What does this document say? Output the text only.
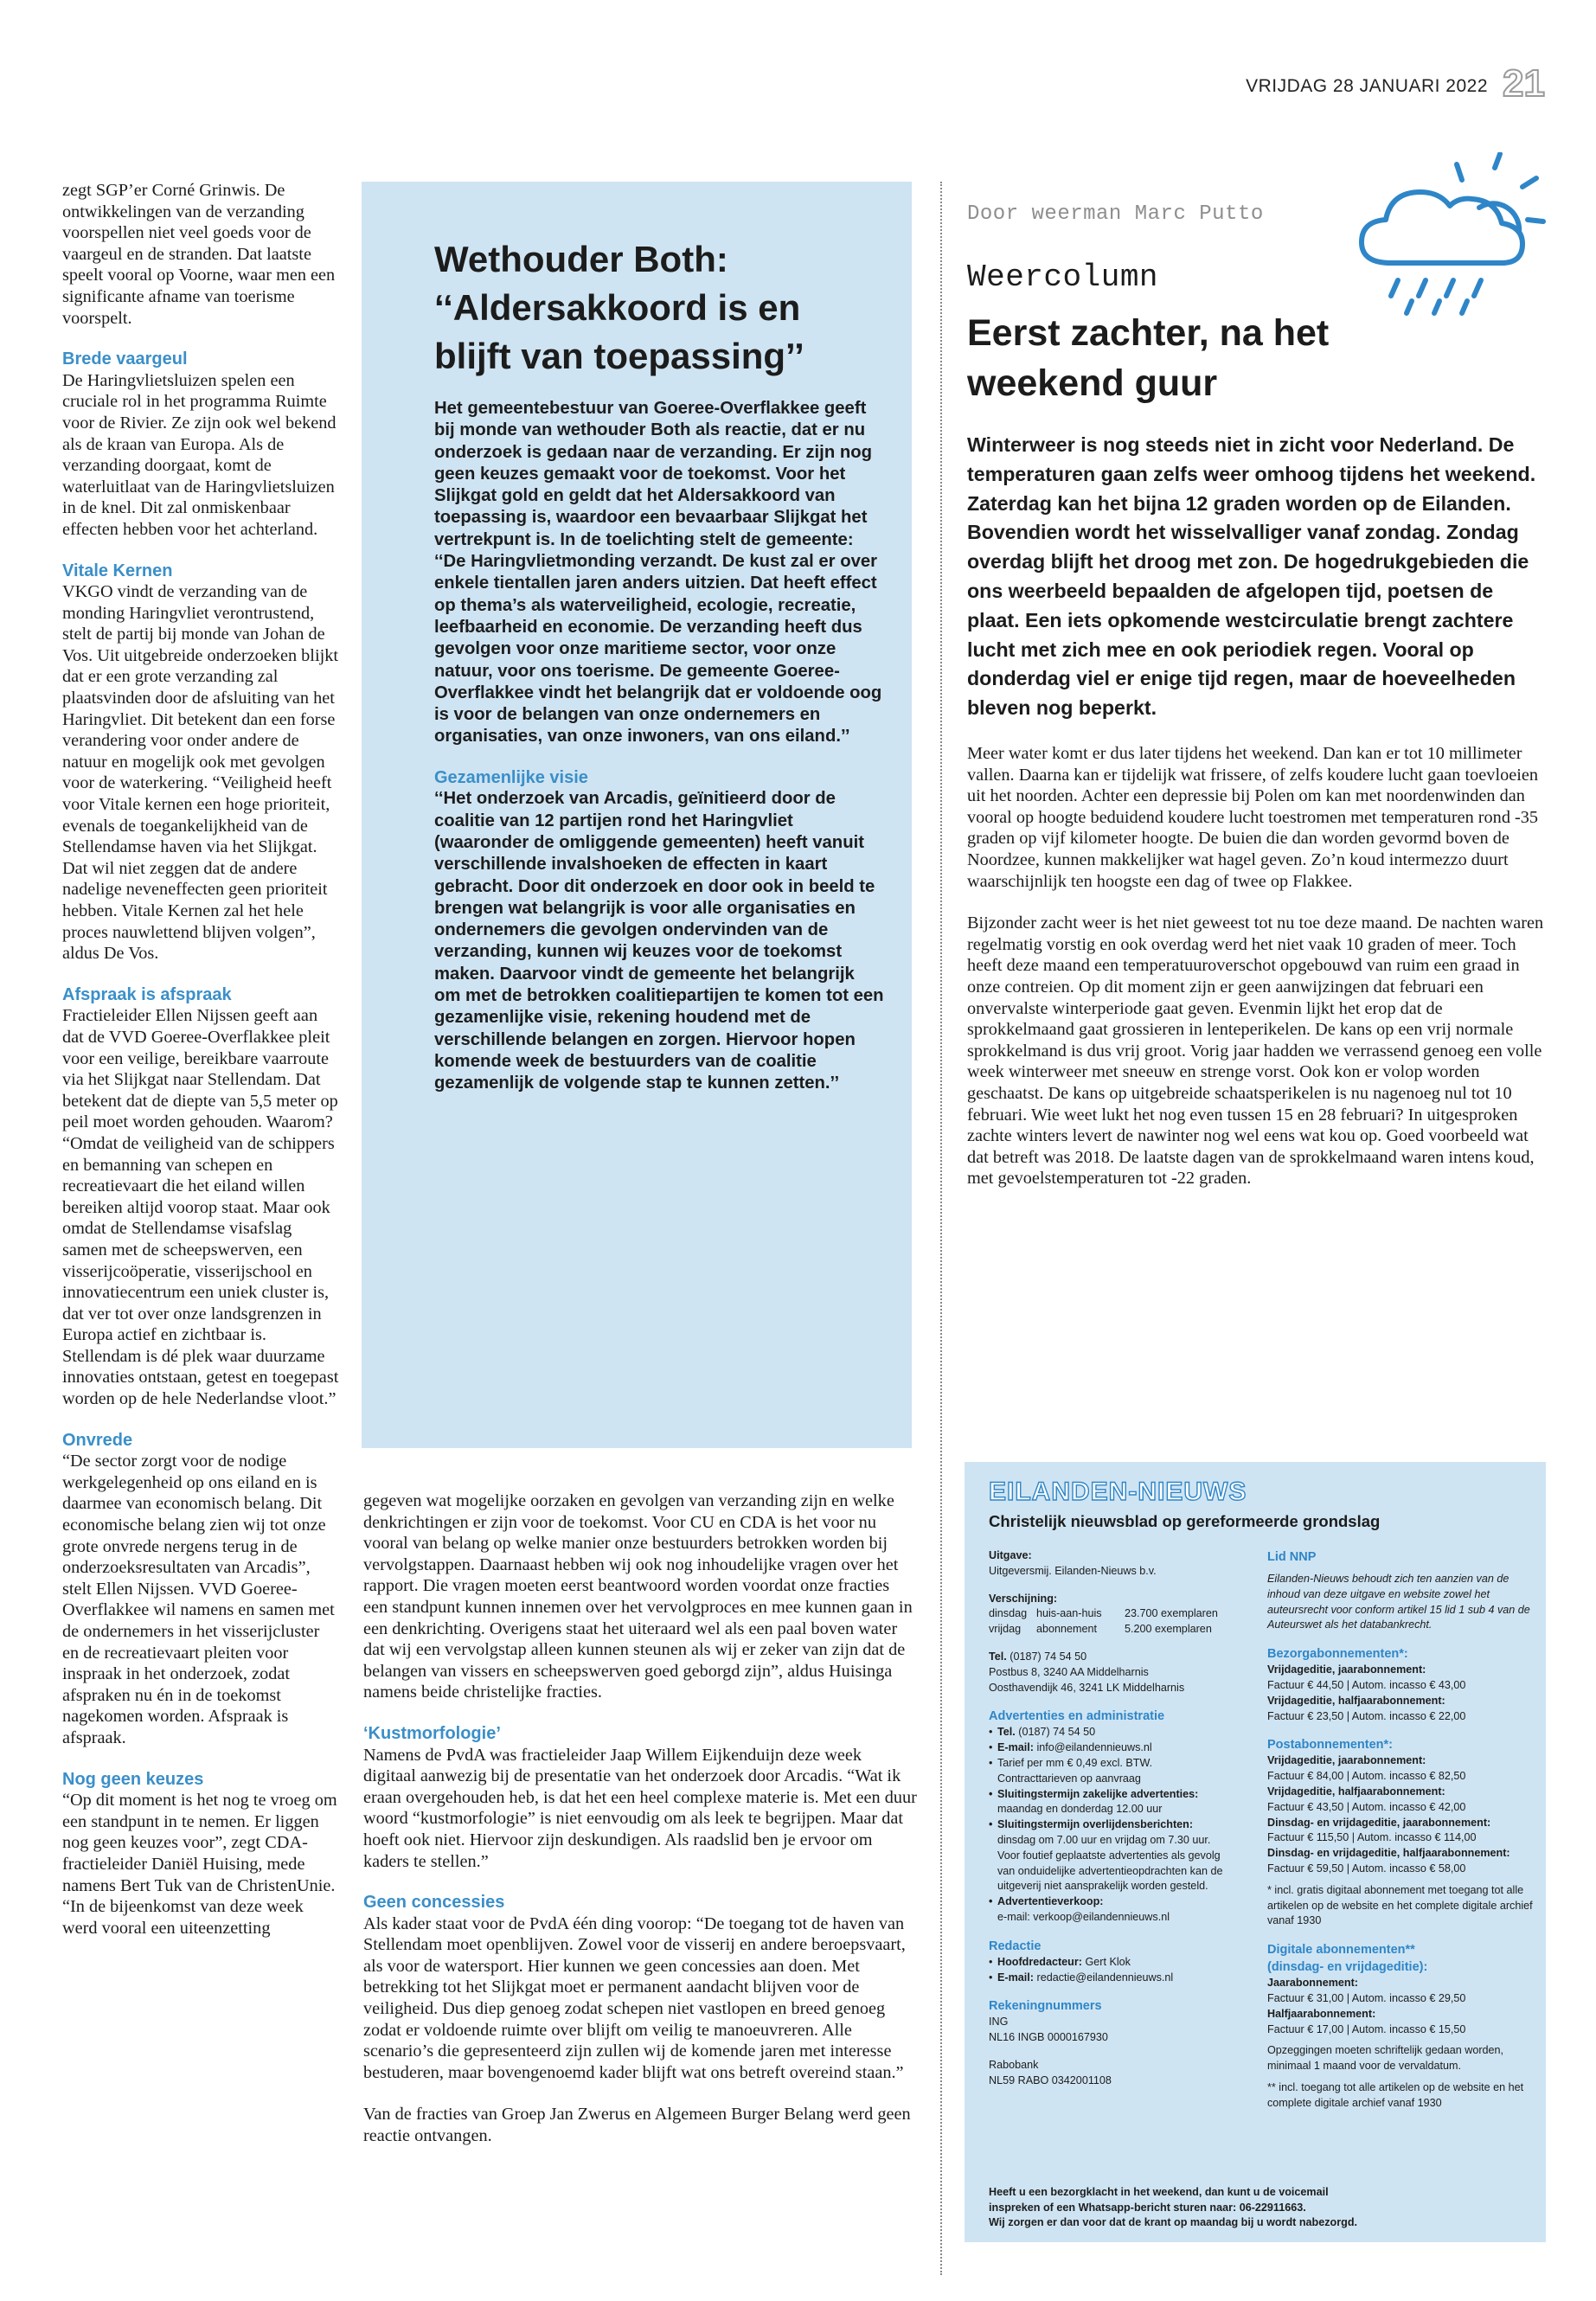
VRIJDAG 28 JANUARI 2022 21

zegt SGP’er Corné Grinwis. De ontwikkelingen van de verzanding voorspellen niet veel goeds voor de vaargeul en de stranden. Dat laatste speelt vooral op Voorne, waar men een significante afname van toerisme voorspelt.

Brede vaargeul

De Haringvlietsluizen spelen een cruciale rol in het programma Ruimte voor de Rivier. Ze zijn ook wel bekend als de kraan van Europa. Als de verzanding doorgaat, komt de waterluitlaat van de Haringvlietsluizen in de knel. Dit zal onmiskenbaar effecten hebben voor het achterland.

Vitale Kernen

VKGO vindt de verzanding van de monding Haringvliet verontrustend, stelt de partij bij monde van Johan de Vos. Uit uitgebreide onderzoeken blijkt dat er een grote verzanding zal plaatsvinden door de afsluiting van het Haringvliet. Dit betekent dan een forse verandering voor onder andere de natuur en mogelijk ook met gevolgen voor de waterkering. “Veiligheid heeft voor Vitale kernen een hoge prioriteit, evenals de toegankelijkheid van de Stellendamse haven via het Slijkgat. Dat wil niet zeggen dat de andere nadelige neveneffecten geen prioriteit hebben. Vitale Kernen zal het hele proces nauwlettend blijven volgen”, aldus De Vos.

Afspraak is afspraak

Fractieleider Ellen Nijssen geeft aan dat de VVD Goeree-Overflakkee pleit voor een veilige, bereikbare vaarroute via het Slijkgat naar Stellendam. Dat betekent dat de diepte van 5,5 meter op peil moet worden gehouden. Waarom? “Omdat de veiligheid van de schippers en bemanning van schepen en recreatievaart die het eiland willen bereiken altijd voorop staat. Maar ook omdat de Stellendamse visafslag samen met de scheepswerven, een visserijcoöperatie, visserijschool en innovatiecentrum een uniek cluster is, dat ver tot over onze landsgrenzen in Europa actief en zichtbaar is. Stellendam is dé plek waar duurzame innovaties ontstaan, getest en toegepast worden op de hele Nederlandse vloot.”

Onvrede

“De sector zorgt voor de nodige werkgelegenheid op ons eiland en is daarmee van economisch belang. Dit economische belang zien wij tot onze grote onvrede nergens terug in de onderzoeksresultaten van Arcadis”, stelt Ellen Nijssen. VVD Goeree-Overflakkee wil namens en samen met de ondernemers in het visserijcluster en de recreatievaart pleiten voor inspraak in het onderzoek, zodat afspraken nu én in de toekomst nagekomen worden. Afspraak is afspraak.

Nog geen keuzes

“Op dit moment is het nog te vroeg om een standpunt in te nemen. Er liggen nog geen keuzes voor”, zegt CDA-fractieleider Daniël Huising, mede namens Bert Tuk van de ChristenUnie. “In de bijeenkomst van deze week werd vooral een uiteenzetting

Wethouder Both: ‘‘Aldersakkoord is en blijft van toepassing’’

Het gemeentebestuur van Goeree-Overflakkee geeft bij monde van wethouder Both als reactie, dat er nu onderzoek is gedaan naar de verzanding. Er zijn nog geen keuzes gemaakt voor de toekomst. Voor het Slijkgat gold en geldt dat het Aldersakkoord van toepassing is, waardoor een bevaarbaar Slijkgat het vertrekpunt is. In de toelichting stelt de gemeente: ‘‘De Haringvlietmonding verzandt. De kust zal er over enkele tientallen jaren anders uitzien. Dat heeft effect op thema’s als waterveiligheid, ecologie, recreatie, leefbaarheid en economie. De verzanding heeft dus gevolgen voor onze maritieme sector, voor onze natuur, voor ons toerisme. De gemeente Goeree-Overflakkee vindt het belangrijk dat er voldoende oog is voor de belangen van onze ondernemers en organisaties, van onze inwoners, van ons eiland.’’

Gezamenlijke visie

‘‘Het onderzoek van Arcadis, geïnitieerd door de coalitie van 12 partijen rond het Haringvliet (waaronder de omliggende gemeenten) heeft vanuit verschillende invalshoeken de effecten in kaart gebracht. Door dit onderzoek en door ook in beeld te brengen wat belangrijk is voor alle organisaties en ondernemers die gevolgen ondervinden van de verzanding, kunnen wij keuzes voor de toekomst maken. Daarvoor vindt de gemeente het belangrijk om met de betrokken coalitiepartijen te komen tot een gezamenlijke visie, rekening houdend met de verschillende belangen en zorgen. Hiervoor hopen komende week de bestuurders van de coalitie gezamenlijk de volgende stap te kunnen zetten.’’

gegeven wat mogelijke oorzaken en gevolgen van verzanding zijn en welke denkrichtingen er zijn voor de toekomst. Voor CU en CDA is het voor nu vooral van belang op welke manier onze bestuurders betrokken worden bij vervolgstappen. Daarnaast hebben wij ook nog inhoudelijke vragen over het rapport. Die vragen moeten eerst beantwoord worden voordat onze fracties een standpunt kunnen innemen over het vervolgproces en mee kunnen gaan in een denkrichting. Overigens staat het uiteraard wel als een paal boven water dat wij een vervolgstap alleen kunnen steunen als wij er zeker van zijn dat de belangen van vissers en scheepswerven goed geborgd zijn”, aldus Huisinga namens beide christelijke fracties.

‘Kustmorfologie’

Namens de PvdA was fractieleider Jaap Willem Eijkenduijn deze week digitaal aanwezig bij de presentatie van het onderzoek door Arcadis. “Wat ik eraan overgehouden heb, is dat het een heel complexe materie is. Met een duur woord “kustmorfologie” is niet eenvoudig om als leek te begrijpen. Maar dat hoeft ook niet. Hiervoor zijn deskundigen. Als raadslid ben je ervoor om kaders te stellen.”

Geen concessies

Als kader staat voor de PvdA één ding voorop: “De toegang tot de haven van Stellendam moet openblijven. Zowel voor de visserij en andere beroepsvaart, als voor de watersport. Hier kunnen we geen concessies aan doen. Met betrekking tot het Slijkgat moet er permanent aandacht blijven voor de veiligheid. Dus diep genoeg zodat schepen niet vastlopen en breed genoeg zodat er voldoende ruimte over blijft om veilig te manoeuvreren. Alle scenario’s die gepresenteerd zijn zullen wij de komende jaren met interesse bestuderen, maar bovengenoemd kader blijft wat ons betreft overeind staan.”

Van de fracties van Groep Jan Zwerus en Algemeen Burger Belang werd geen reactie ontvangen.

Door weerman Marc Putto
Weercolumn
Eerst zachter, na het weekend guur
Winterweer is nog steeds niet in zicht voor Nederland. De temperaturen gaan zelfs weer omhoog tijdens het weekend. Zaterdag kan het bijna 12 graden worden op de Eilanden. Bovendien wordt het wisselvalliger vanaf zondag. Zondag overdag blijft het droog met zon. De hogedrukgebieden die ons weerbeeld bepaalden de afgelopen tijd, poetsen de plaat. Een iets opkomende westcirculatie brengt zachtere lucht met zich mee en ook periodiek regen. Vooral op donderdag viel er enige tijd regen, maar de hoeveelheden bleven nog beperkt.

Meer water komt er dus later tijdens het weekend. Dan kan er tot 10 millimeter vallen. Daarna kan er tijdelijk wat frissere, of zelfs koudere lucht gaan toevloeien uit het noorden. Achter een depressie bij Polen om kan met noordenwinden dan vooral op hoogte beduidend koudere lucht toestromen met temperaturen rond -35 graden op vijf kilometer hoogte. De buien die dan worden gevormd boven de Noordzee, kunnen makkelijker wat hagel geven. Zo’n koud intermezzo duurt waarschijnlijk ten hoogste een dag of twee op Flakkee.

Bijzonder zacht weer is het niet geweest tot nu toe deze maand. De nachten waren regelmatig vorstig en ook overdag werd het niet vaak 10 graden of meer. Toch heeft deze maand een temperatuuroverschot opgebouwd van ruim een graad in onze contreien. Op dit moment zijn er geen aanwijzingen dat februari een onvervalste winterperiode gaat geven. Evenmin lijkt het erop dat de sprokkelmaand gaat grossieren in lenteperikelen. De kans op een vrij normale sprokkelmand is dus vrij groot. Vorig jaar hadden we verrassend genoeg een volle week winterweer met sneeuw en strenge vorst. Ook kon er volop worden geschaatst. De kans op uitgebreide schaatsperikelen is nu nagenoeg nul tot 10 februari. Wie weet lukt het nog even tussen 15 en 28 februari? In uitgesproken zachte winters levert de nawinter nog wel eens wat kou op. Goed voorbeeld wat dat betreft was 2018. De laatste dagen van de sprokkelmaand waren intens koud, met gevoelstemperaturen tot -22 graden.

EILANDEN-NIEUWS
Christelijk nieuwsblad op gereformeerde grondslag
Uitgave:
Uitgeversmij. Eilanden-Nieuws b.v.
Verschijning:
dinsdag huis-aan-huis	23.700 exemplaren
vrijdag	abonnement	5.200 exemplaren
Tel. (0187) 74 54 50
Postbus 8, 3240 AA Middelharnis
Oosthavendijk 46, 3241 LK Middelharnis
Advertenties en administratie
• Tel. (0187) 74 54 50
• E-mail: info@eilandennieuws.nl
• Tarief per mm € 0,49 excl. BTW.
Contracttarieven op aanvraag
• Sluitingstermijn zakelijke advertenties:
maandag en donderdag 12.00 uur
• Sluitingstermijn overlijdensberichten:
dinsdag om 7.00 uur en vrijdag om 7.30 uur.
Voor foutief geplaatste advertenties als gevolg
van onduidelijke advertentieopdrachten kan de
uitgeverij niet aansprakelijk worden gesteld.
• Advertentieverkoop:
e-mail: verkoop@eilandennieuws.nl
Redactie
• Hoofdredacteur: Gert Klok
• E-mail: redactie@eilandennieuws.nl
Rekeningnummers
ING
NL16 INGB 0000167930
Rabobank
NL59 RABO 0342001108
Lid NNP
Eilanden-Nieuws behoudt zich ten aanzien van de inhoud van deze uitgave en website zowel het auteursrecht voor conform artikel 15 lid 1 sub 4 van de Auteurswet als het databankrecht.
Bezorgabonnementen*:
Vrijdageditie, jaarabonnement:
Factuur € 44,50 | Autom. incasso € 43,00
Vrijdageditie, halfjaarabonnement:
Factuur € 23,50 | Autom. incasso € 22,00
Postabonnementen*:
Vrijdageditie, jaarabonnement:
Factuur € 84,00 | Autom. incasso € 82,50
Vrijdageditie, halfjaarabonnement:
Factuur € 43,50 | Autom. incasso € 42,00
Dinsdag- en vrijdageditie, jaarabonnement:
Factuur € 115,50 | Autom. incasso € 114,00
Dinsdag- en vrijdageditie, halfjaarabonnement:
Factuur € 59,50 | Autom. incasso € 58,00
* incl. gratis digitaal abonnement met toegang tot alle artikelen op de website en het complete digitale archief vanaf 1930
Digitale abonnementen**
(dinsdag- en vrijdageditie):
Jaarabonnement:
Factuur € 31,00 | Autom. incasso € 29,50
Halfjaarabonnement:
Factuur € 17,00 | Autom. incasso € 15,50
Opzeggingen moeten schriftelijk gedaan worden, minimaal 1 maand voor de vervaldatum.
** incl. toegang tot alle artikelen op de website en het complete digitale archief vanaf 1930
Heeft u een bezorgklacht in het weekend, dan kunt u de voicemail
inspreken of een Whatsapp-bericht sturen naar: 06-22911663.
Wij zorgen er dan voor dat de krant op maandag bij u wordt nabezorgd.
